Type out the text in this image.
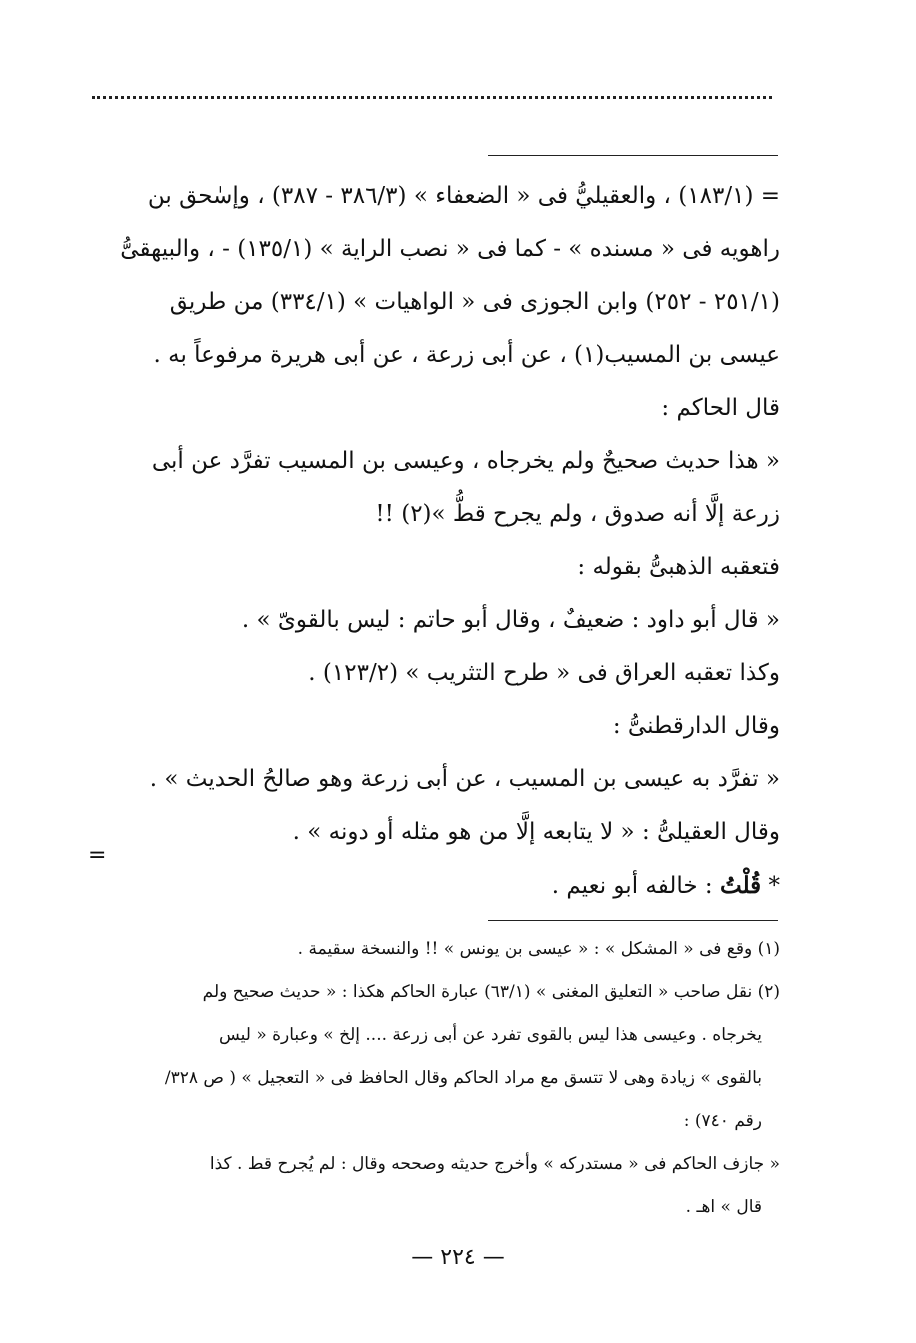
= (١٨٣/١) ، والعقيليُّ فى « الضعفاء » (٣٨٦/٣ - ٣٨٧) ، وإسٰحق بن

راهويه فى « مسنده » - كما فى « نصب الراية » (١٣٥/١) - ، والبيهقىُّ

(٢٥١/١ - ٢٥٢) وابن الجوزى فى « الواهيات » (٣٣٤/١) من طريق

عيسى بن المسيب(١) ، عن أبى زرعة ، عن أبى هريرة مرفوعاً به .

قال الحاكم :

« هذا حديث صحيحٌ ولم يخرجاه ، وعيسى بن المسيب تفرَّد عن أبى

زرعة إلَّا أنه صدوق ، ولم يجرح قطُّ »(٢) !!

فتعقبه الذهبىُّ بقوله :

« قال أبو داود : ضعيفٌ ، وقال أبو حاتم : ليس بالقوىّ » .

وكذا تعقبه العراق فى « طرح التثريب » (١٢٣/٢) .

وقال الدارقطنىُّ :

« تفرَّد به عيسى بن المسيب ، عن أبى زرعة وهو صالحُ الحديث » .

وقال العقيلىُّ : « لا يتابعه إلَّا من هو مثله أو دونه » .

* قُلْتُ : خالفه أبو نعيم .

=

(١) وقع فى « المشكل » : « عيسى بن يونس » !! والنسخة سقيمة .

(٢) نقل صاحب « التعليق المغنى » (٦٣/١) عبارة الحاكم هكذا : « حديث صحيح ولم

يخرجاه . وعيسى هذا ليس بالقوى تفرد عن أبى زرعة .... إلخ » وعبارة « ليس

بالقوى » زيادة وهى لا تتسق مع مراد الحاكم وقال الحافظ فى « التعجيل » ( ص ٣٢٨/

رقم ٧٤٠) :

« جازف الحاكم فى « مستدركه » وأخرج حديثه وصححه وقال : لم يُجرح قط . كذا

قال » اهـ .

— ٢٢٤ —
